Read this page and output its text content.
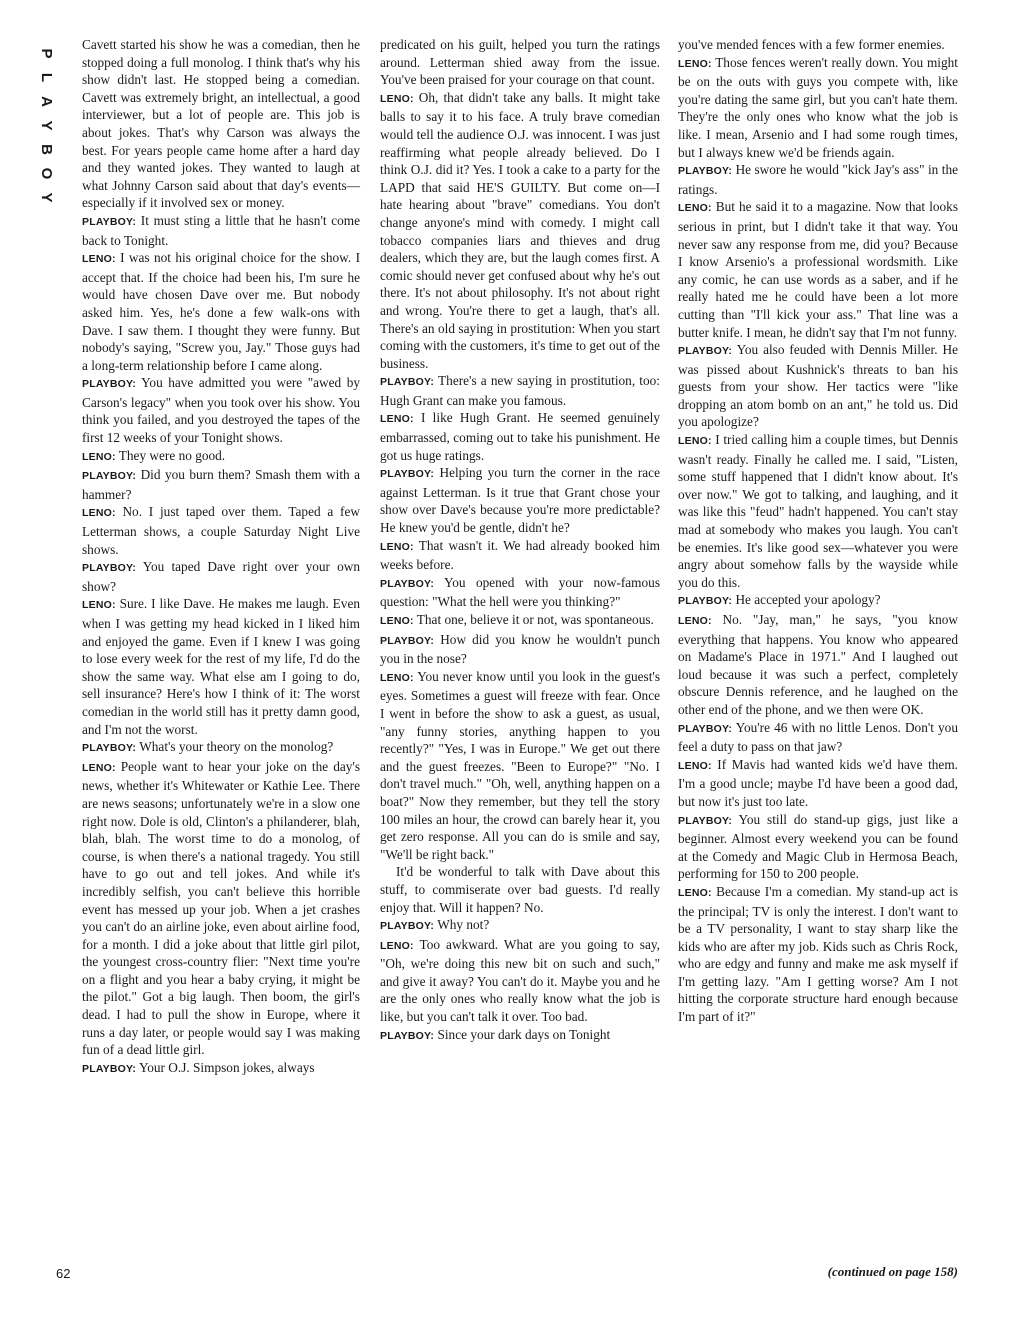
P
L
A
Y
B
O
Y

Cavett started his show he was a comedian, then he stopped doing a full monolog. I think that's why his show didn't last. He stopped being a comedian. Cavett was extremely bright, an intellectual, a good interviewer, but a lot of people are. This job is about jokes. That's why Carson was always the best. For years people came home after a hard day and they wanted jokes. They wanted to laugh at what Johnny Carson said about that day's events—especially if it involved sex or money.

PLAYBOY: It must sting a little that he hasn't come back to Tonight.

LENO: I was not his original choice for the show. I accept that. If the choice had been his, I'm sure he would have chosen Dave over me. But nobody asked him. Yes, he's done a few walk-ons with Dave. I saw them. I thought they were funny. But nobody's saying, "Screw you, Jay." Those guys had a long-term relationship before I came along.

PLAYBOY: You have admitted you were "awed by Carson's legacy" when you took over his show. You think you failed, and you destroyed the tapes of the first 12 weeks of your Tonight shows.

LENO: They were no good.

PLAYBOY: Did you burn them? Smash them with a hammer?

LENO: No. I just taped over them. Taped a few Letterman shows, a couple Saturday Night Live shows.

PLAYBOY: You taped Dave right over your own show?

LENO: Sure. I like Dave. He makes me laugh. Even when I was getting my head kicked in I liked him and enjoyed the game. Even if I knew I was going to lose every week for the rest of my life, I'd do the show the same way. What else am I going to do, sell insurance? Here's how I think of it: The worst comedian in the world still has it pretty damn good, and I'm not the worst.

PLAYBOY: What's your theory on the monolog?

LENO: People want to hear your joke on the day's news, whether it's Whitewater or Kathie Lee. There are news seasons; unfortunately we're in a slow one right now. Dole is old, Clinton's a philanderer, blah, blah, blah. The worst time to do a monolog, of course, is when there's a national tragedy. You still have to go out and tell jokes. And while it's incredibly selfish, you can't believe this horrible event has messed up your job. When a jet crashes you can't do an airline joke, even about airline food, for a month. I did a joke about that little girl pilot, the youngest cross-country flier: "Next time you're on a flight and you hear a baby crying, it might be the pilot." Got a big laugh. Then boom, the girl's dead. I had to pull the show in Europe, where it runs a day later, or people would say I was making fun of a dead little girl.

PLAYBOY: Your O.J. Simpson jokes, always

predicated on his guilt, helped you turn the ratings around. Letterman shied away from the issue. You've been praised for your courage on that count.

LENO: Oh, that didn't take any balls. It might take balls to say it to his face. A truly brave comedian would tell the audience O.J. was innocent. I was just reaffirming what people already believed. Do I think O.J. did it? Yes. I took a cake to a party for the LAPD that said HE'S GUILTY. But come on—I hate hearing about "brave" comedians. You don't change anyone's mind with comedy. I might call tobacco companies liars and thieves and drug dealers, which they are, but the laugh comes first. A comic should never get confused about why he's out there. It's not about philosophy. It's not about right and wrong. You're there to get a laugh, that's all. There's an old saying in prostitution: When you start coming with the customers, it's time to get out of the business.

PLAYBOY: There's a new saying in prostitution, too: Hugh Grant can make you famous.

LENO: I like Hugh Grant. He seemed genuinely embarrassed, coming out to take his punishment. He got us huge ratings.

PLAYBOY: Helping you turn the corner in the race against Letterman. Is it true that Grant chose your show over Dave's because you're more predictable? He knew you'd be gentle, didn't he?

LENO: That wasn't it. We had already booked him weeks before.

PLAYBOY: You opened with your now-famous question: "What the hell were you thinking?"

LENO: That one, believe it or not, was spontaneous.

PLAYBOY: How did you know he wouldn't punch you in the nose?

LENO: You never know until you look in the guest's eyes. Sometimes a guest will freeze with fear. Once I went in before the show to ask a guest, as usual, "any funny stories, anything happen to you recently?" "Yes, I was in Europe." We get out there and the guest freezes. "Been to Europe?" "No. I don't travel much." "Oh, well, anything happen on a boat?" Now they remember, but they tell the story 100 miles an hour, the crowd can barely hear it, you get zero response. All you can do is smile and say, "We'll be right back."

It'd be wonderful to talk with Dave about this stuff, to commiserate over bad guests. I'd really enjoy that. Will it happen? No.

PLAYBOY: Why not?

LENO: Too awkward. What are you going to say, "Oh, we're doing this new bit on such and such," and give it away? You can't do it. Maybe you and he are the only ones who really know what the job is like, but you can't talk it over. Too bad.

PLAYBOY: Since your dark days on Tonight

you've mended fences with a few former enemies.

LENO: Those fences weren't really down. You might be on the outs with guys you compete with, like you're dating the same girl, but you can't hate them. They're the only ones who know what the job is like. I mean, Arsenio and I had some rough times, but I always knew we'd be friends again.

PLAYBOY: He swore he would "kick Jay's ass" in the ratings.

LENO: But he said it to a magazine. Now that looks serious in print, but I didn't take it that way. You never saw any response from me, did you? Because I know Arsenio's a professional wordsmith. Like any comic, he can use words as a saber, and if he really hated me he could have been a lot more cutting than "I'll kick your ass." That line was a butter knife. I mean, he didn't say that I'm not funny.

PLAYBOY: You also feuded with Dennis Miller. He was pissed about Kushnick's threats to ban his guests from your show. Her tactics were "like dropping an atom bomb on an ant," he told us. Did you apologize?

LENO: I tried calling him a couple times, but Dennis wasn't ready. Finally he called me. I said, "Listen, some stuff happened that I didn't know about. It's over now." We got to talking, and laughing, and it was like this "feud" hadn't happened. You can't stay mad at somebody who makes you laugh. You can't be enemies. It's like good sex—whatever you were angry about somehow falls by the wayside while you do this.

PLAYBOY: He accepted your apology?

LENO: No. "Jay, man," he says, "you know everything that happens. You know who appeared on Madame's Place in 1971." And I laughed out loud because it was such a perfect, completely obscure Dennis reference, and he laughed on the other end of the phone, and we then were OK.

PLAYBOY: You're 46 with no little Lenos. Don't you feel a duty to pass on that jaw?

LENO: If Mavis had wanted kids we'd have them. I'm a good uncle; maybe I'd have been a good dad, but now it's just too late.

PLAYBOY: You still do stand-up gigs, just like a beginner. Almost every weekend you can be found at the Comedy and Magic Club in Hermosa Beach, performing for 150 to 200 people.

LENO: Because I'm a comedian. My stand-up act is the principal; TV is only the interest. I don't want to be a TV personality, I want to stay sharp like the kids who are after my job. Kids such as Chris Rock, who are edgy and funny and make me ask myself if I'm getting lazy. "Am I getting worse? Am I not hitting the corporate structure hard enough because I'm part of it?"

62	(continued on page 158)
